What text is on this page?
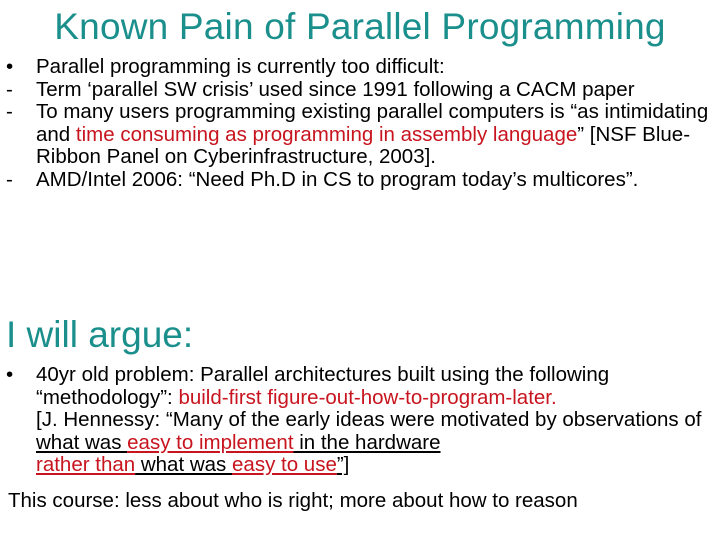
Known Pain of Parallel Programming
• Parallel programming is currently too difficult:
- Term ‘parallel SW crisis’ used since 1991 following a CACM paper
- To many users programming existing parallel computers is “as intimidating and time consuming as programming in assembly language” [NSF Blue-Ribbon Panel on Cyberinfrastructure, 2003].
- AMD/Intel 2006: “Need Ph.D in CS to program today’s multicores”.
I will argue:
• 40yr old problem: Parallel architectures built using the following “methodology”: build-first figure-out-how-to-program-later.
[J. Hennessy: “Many of the early ideas were motivated by observations of what was easy to implement in the hardware
rather than what was easy to use”]
This course: less about who is right; more about how to reason
